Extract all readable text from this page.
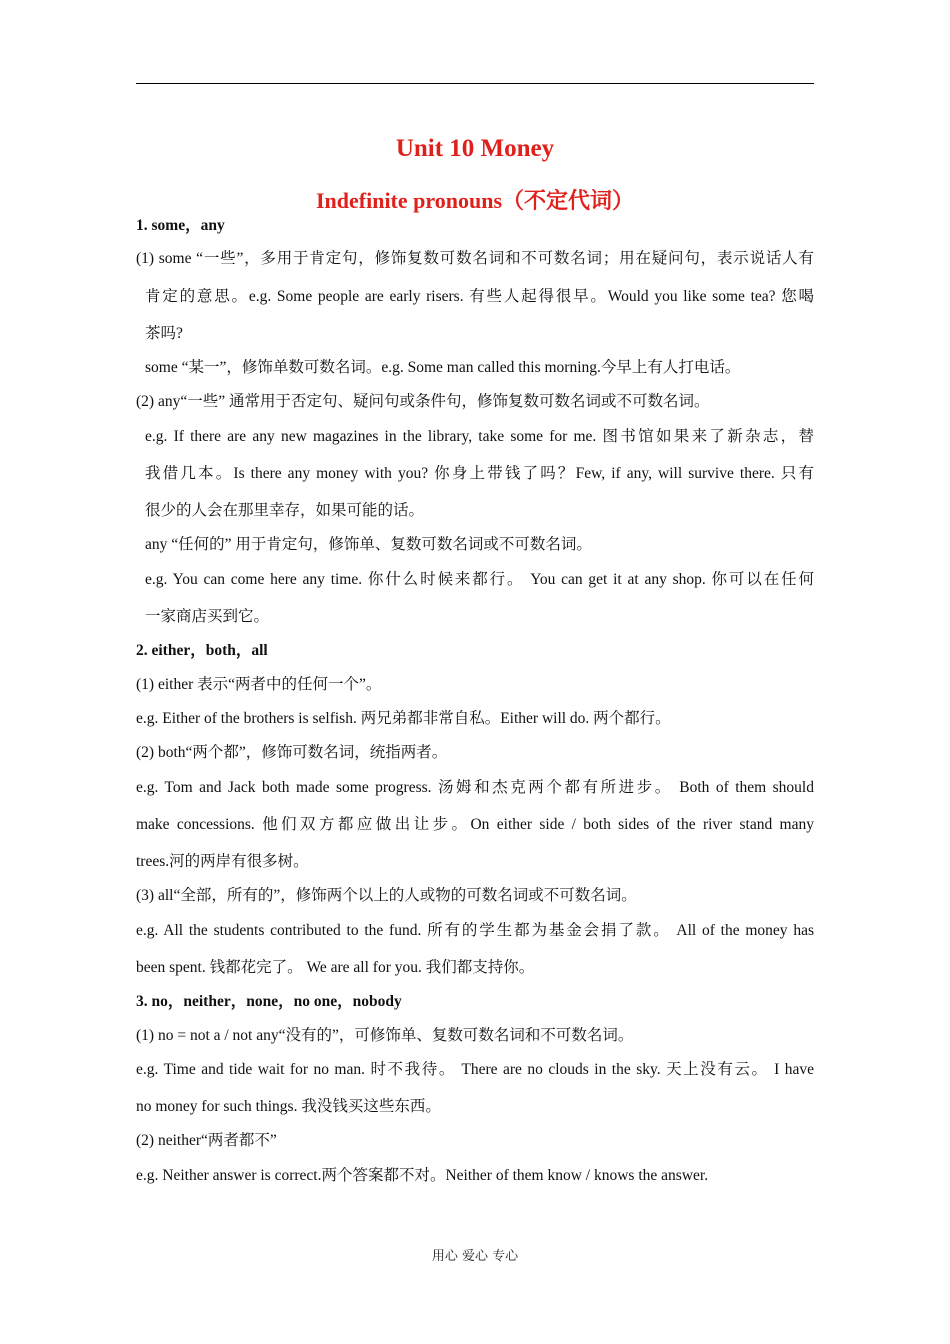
Unit 10 Money
Indefinite pronouns（不定代词）
1. some，any
(1) some “一些”，多用于肯定句，修饰复数可数名词和不可数名词；用在疑问句，表示说话人有
肯定的意思。e.g. Some people are early risers. 有些人起得很早。Would you like some tea? 您喝
茶吗?
some “某一”，修饰单数可数名词。e.g. Some man called this morning.今早上有人打电话。
(2) any“一些” 通常用于否定句、疑问句或条件句，修饰复数可数名词或不可数名词。
e.g. If there are any new magazines in the library, take some for me. 图书馆如果来了新杂志，替
我借几本。Is there any money with you? 你身上带钱了吗？Few, if any, will survive there. 只有
很少的人会在那里幸存，如果可能的话。
any “任何的” 用于肯定句，修饰单、复数可数名词或不可数名词。
e.g. You can come here any time. 你什么时候来都行。 You can get it at any shop. 你可以在任何
一家商店买到它。
2. either，both，all
(1) either 表示“两者中的任何一个”。
e.g. Either of the brothers is selfish. 两兄弟都非常自私。Either will do. 两个都行。
(2) both“两个都”，修饰可数名词，统指两者。
e.g. Tom and Jack both made some progress. 汤姆和杰克两个都有所进步。 Both of them should
make concessions. 他们双方都应做出让步。On either side / both sides of the river stand many
trees.河的两岸有很多树。
(3) all“全部，所有的”，修饰两个以上的人或物的可数名词或不可数名词。
e.g. All the students contributed to the fund. 所有的学生都为基金会捐了款。 All of the money has
been spent. 钱都花完了。 We are all for you. 我们都支持你。
3. no，neither，none，no one，nobody
(1) no = not a / not any“没有的”，可修饰单、复数可数名词和不可数名词。
e.g. Time and tide wait for no man. 时不我待。 There are no clouds in the sky. 天上没有云。 I have
no money for such things. 我没钱买这些东西。
(2) neither“两者都不”
e.g. Neither answer is correct.两个答案都不对。Neither of them know / knows the answer.
用心 爱心 专心
